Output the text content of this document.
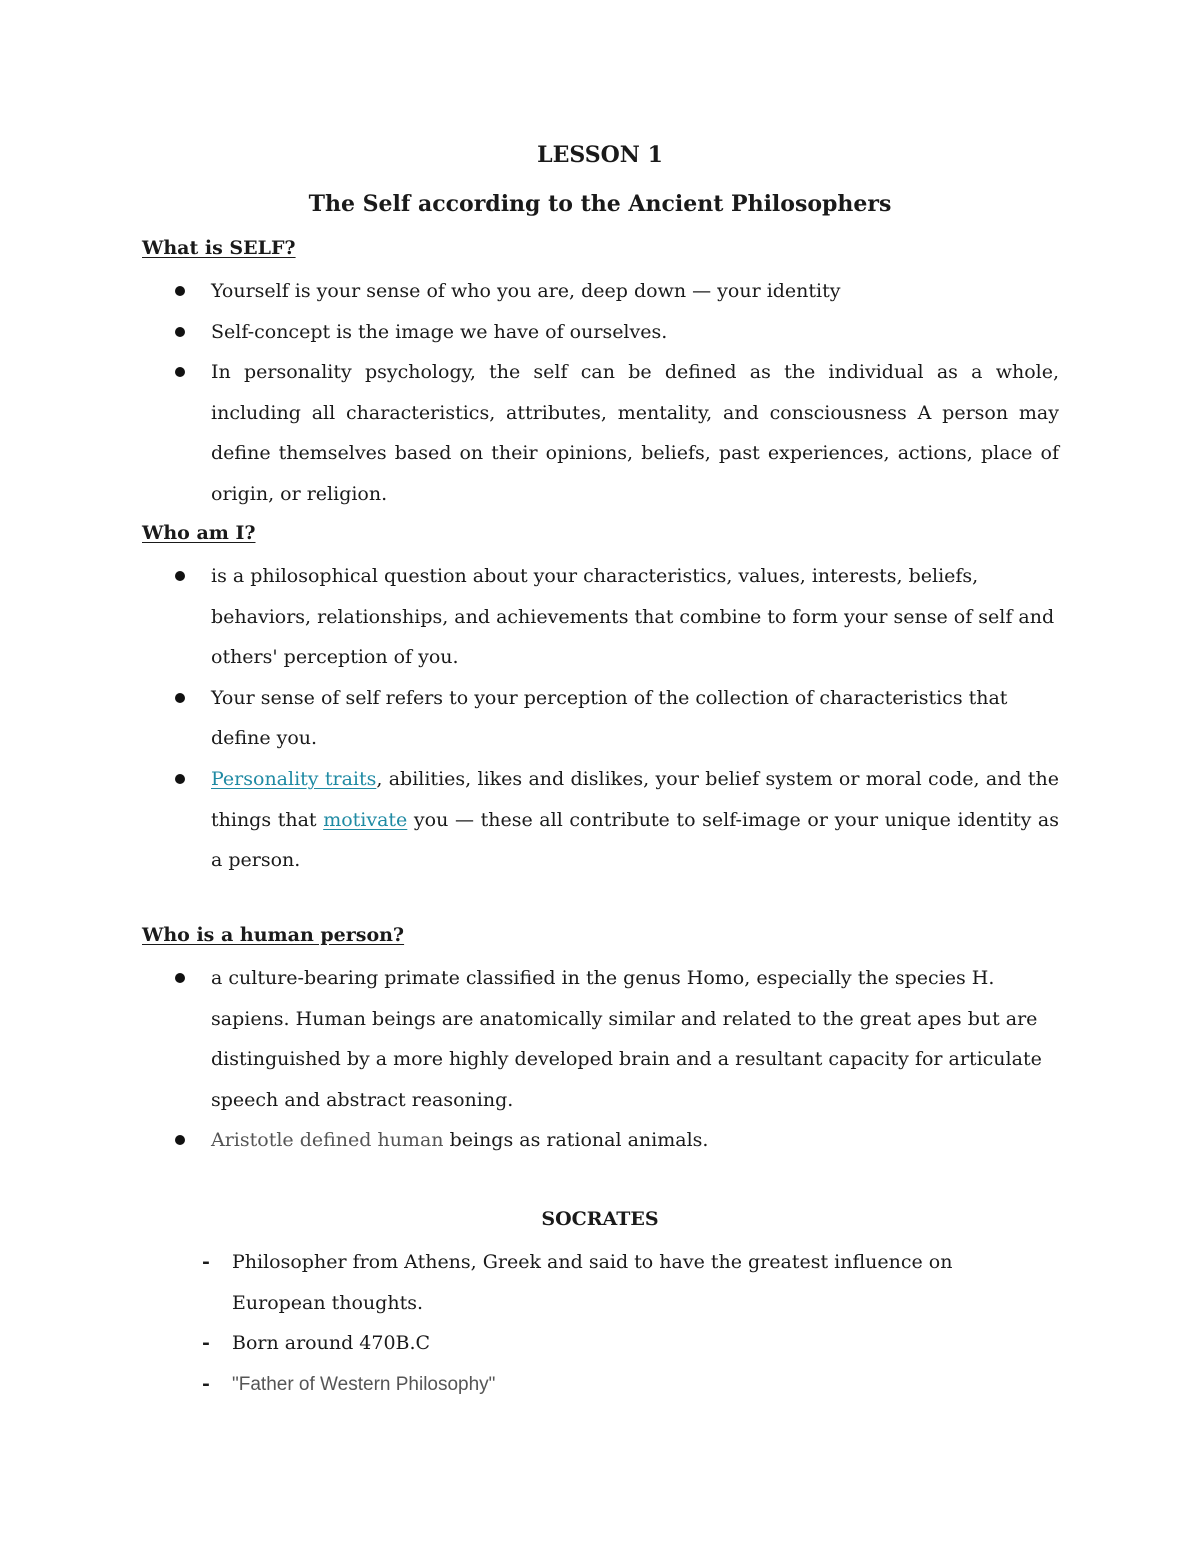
LESSON 1
The Self according to the Ancient Philosophers
What is SELF?
Yourself is your sense of who you are, deep down — your identity
Self-concept is the image we have of ourselves.
In personality psychology, the self can be defined as the individual as a whole, including all characteristics, attributes, mentality, and consciousness A person may define themselves based on their opinions, beliefs, past experiences, actions, place of origin, or religion.
Who am I?
is a philosophical question about your characteristics, values, interests, beliefs, behaviors, relationships, and achievements that combine to form your sense of self and others' perception of you.
Your sense of self refers to your perception of the collection of characteristics that define you.
Personality traits, abilities, likes and dislikes, your belief system or moral code, and the things that motivate you — these all contribute to self-image or your unique identity as a person.
Who is a human person?
a culture-bearing primate classified in the genus Homo, especially the species H. sapiens. Human beings are anatomically similar and related to the great apes but are distinguished by a more highly developed brain and a resultant capacity for articulate speech and abstract reasoning.
Aristotle defined human beings as rational animals.
SOCRATES
- Philosopher from Athens, Greek and said to have the greatest influence on European thoughts.
- Born around 470B.C
- "Father of Western Philosophy"
